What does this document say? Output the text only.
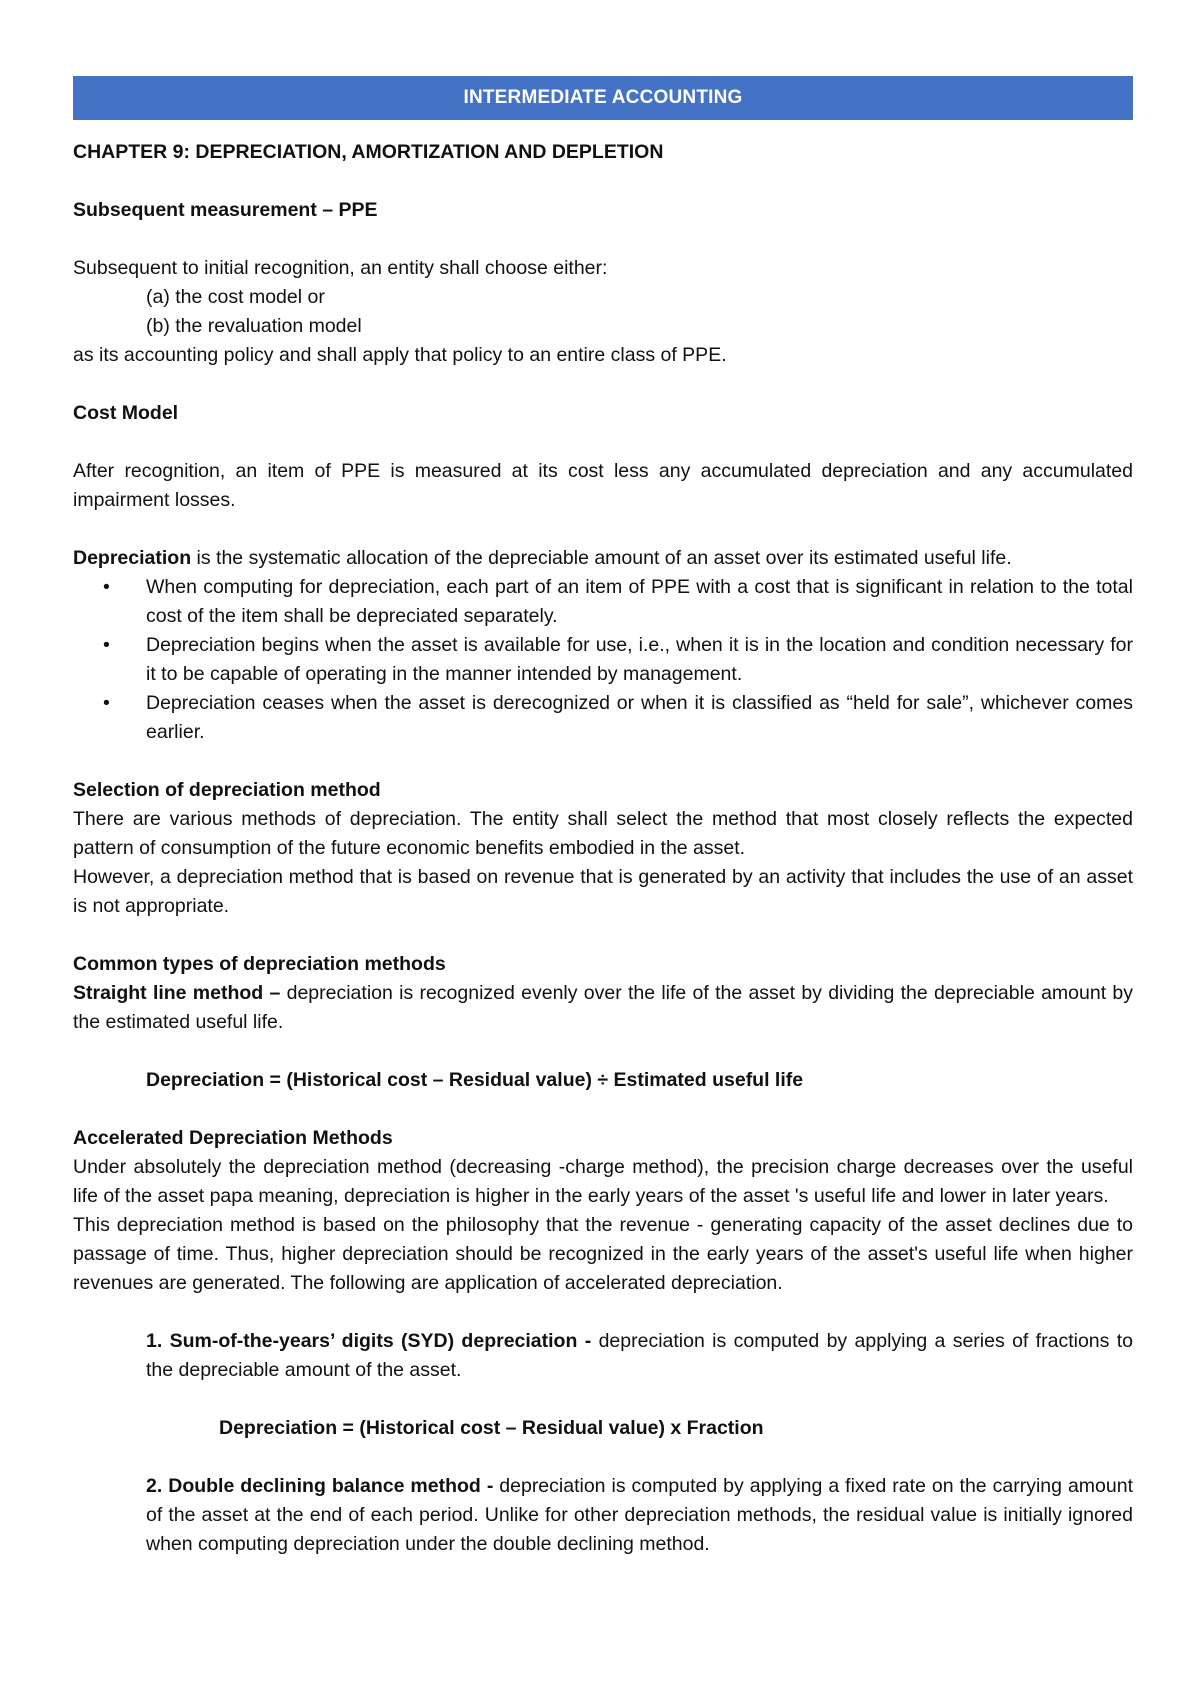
INTERMEDIATE ACCOUNTING

CHAPTER 9: DEPRECIATION, AMORTIZATION AND DEPLETION

Subsequent measurement – PPE

Subsequent to initial recognition, an entity shall choose either:

(a) the cost model or

(b) the revaluation model

as its accounting policy and shall apply that policy to an entire class of PPE.

Cost Model

After recognition, an item of PPE is measured at its cost less any accumulated depreciation and any accumulated impairment losses.

Depreciation is the systematic allocation of the depreciable amount of an asset over its estimated useful life.

• When computing for depreciation, each part of an item of PPE with a cost that is significant in relation to the total cost of the item shall be depreciated separately.
• Depreciation begins when the asset is available for use, i.e., when it is in the location and condition necessary for it to be capable of operating in the manner intended by management.
• Depreciation ceases when the asset is derecognized or when it is classified as “held for sale”, whichever comes earlier.

Selection of depreciation method

There are various methods of depreciation. The entity shall select the method that most closely reflects the expected pattern of consumption of the future economic benefits embodied in the asset.

However, a depreciation method that is based on revenue that is generated by an activity that includes the use of an asset is not appropriate.

Common types of depreciation methods

Straight line method – depreciation is recognized evenly over the life of the asset by dividing the depreciable amount by the estimated useful life.

Depreciation = (Historical cost – Residual value) ÷ Estimated useful life

Accelerated Depreciation Methods

Under absolutely the depreciation method (decreasing -charge method), the precision charge decreases over the useful life of the asset papa meaning, depreciation is higher in the early years of the asset 's useful life and lower in later years.

This depreciation method is based on the philosophy that the revenue - generating capacity of the asset declines due to passage of time. Thus, higher depreciation should be recognized in the early years of the asset's useful life when higher revenues are generated. The following are application of accelerated depreciation.

1. Sum-of-the-years’ digits (SYD) depreciation - depreciation is computed by applying a series of fractions to the depreciable amount of the asset.

Depreciation = (Historical cost – Residual value) x Fraction

2. Double declining balance method - depreciation is computed by applying a fixed rate on the carrying amount of the asset at the end of each period. Unlike for other depreciation methods, the residual value is initially ignored when computing depreciation under the double declining method.
